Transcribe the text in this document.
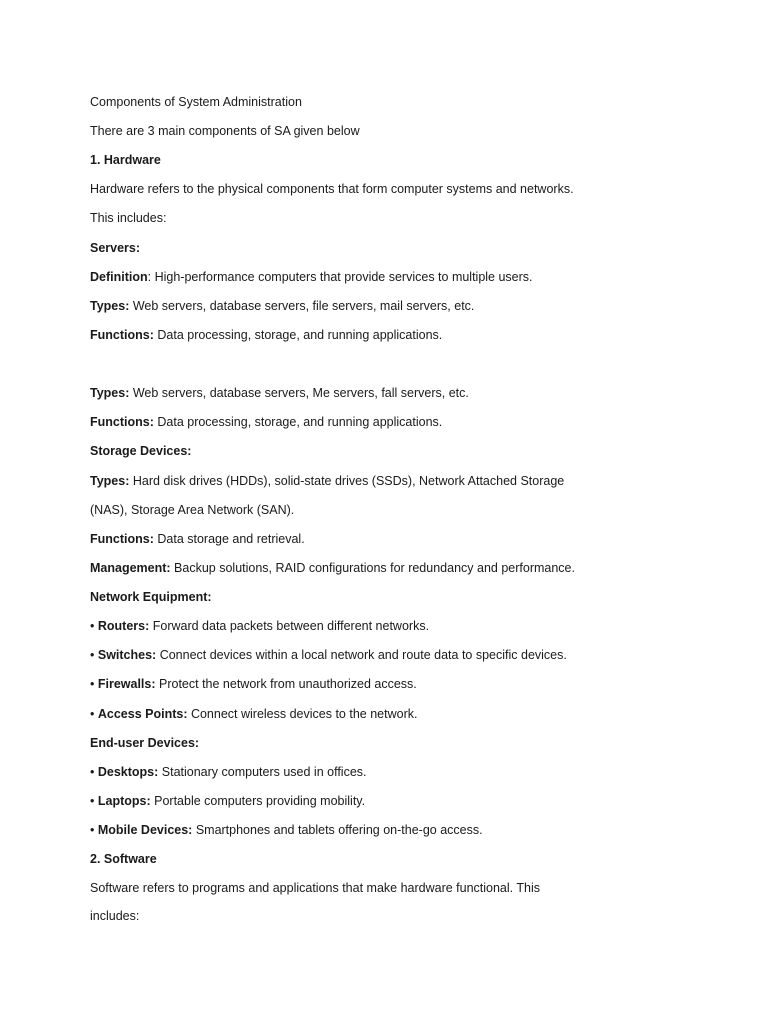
Components of System Administration
There are 3 main components of SA given below
1. Hardware
Hardware refers to the physical components that form computer systems and networks.
This includes:
Servers:
Definition: High-performance computers that provide services to multiple users.
Types: Web servers, database servers, file servers, mail servers, etc.
Functions: Data processing, storage, and running applications.
Types: Web servers, database servers, Me servers, fall servers, etc.
Functions: Data processing, storage, and running applications.
Storage Devices:
Types: Hard disk drives (HDDs), solid-state drives (SSDs), Network Attached Storage
(NAS), Storage Area Network (SAN).
Functions: Data storage and retrieval.
Management: Backup solutions, RAID configurations for redundancy and performance.
Network Equipment:
• Routers: Forward data packets between different networks.
• Switches: Connect devices within a local network and route data to specific devices.
• Firewalls: Protect the network from unauthorized access.
• Access Points: Connect wireless devices to the network.
End-user Devices:
• Desktops: Stationary computers used in offices.
• Laptops: Portable computers providing mobility.
• Mobile Devices: Smartphones and tablets offering on-the-go access.
2. Software
Software refers to programs and applications that make hardware functional. This
includes:
